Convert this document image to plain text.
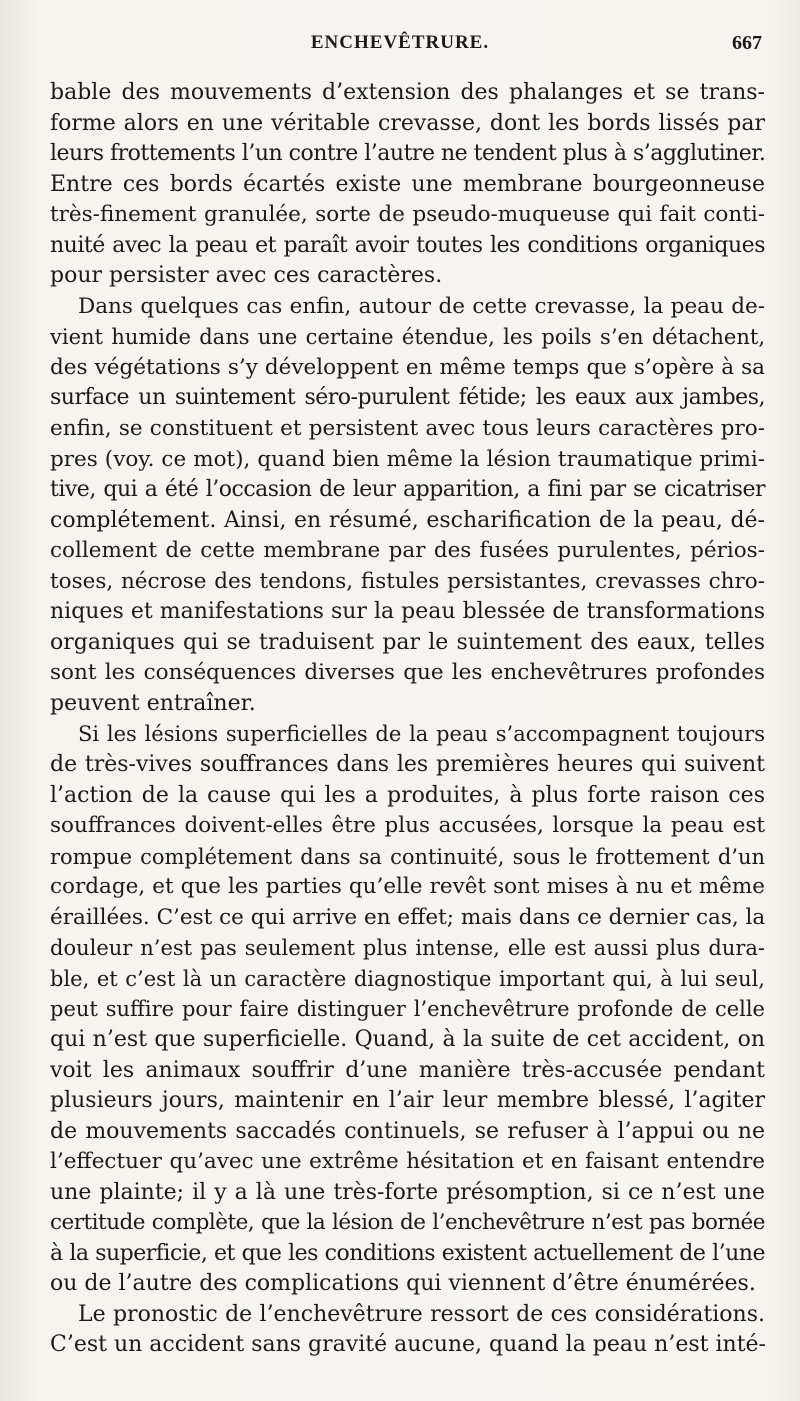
ENCHEVÊTRURE.	667
bable des mouvements d’extension des phalanges et se trans-
forme alors en une véritable crevasse, dont les bords lissés par
leurs frottements l’un contre l’autre ne tendent plus à s’agglutiner.
Entre ces bords écartés existe une membrane bourgeonneuse
très-finement granulée, sorte de pseudo-muqueuse qui fait conti-
nuité avec la peau et paraît avoir toutes les conditions organiques
pour persister avec ces caractères.
Dans quelques cas enfin, autour de cette crevasse, la peau de-
vient humide dans une certaine étendue, les poils s’en détachent,
des végétations s’y développent en même temps que s’opère à sa
surface un suintement séro-purulent fétide; les eaux aux jambes,
enfin, se constituent et persistent avec tous leurs caractères pro-
pres (voy. ce mot), quand bien même la lésion traumatique primi-
tive, qui a été l’occasion de leur apparition, a fini par se cicatriser
complétement. Ainsi, en résumé, escharification de la peau, dé-
collement de cette membrane par des fusées purulentes, périos-
toses, nécrose des tendons, fistules persistantes, crevasses chro-
niques et manifestations sur la peau blessée de transformations
organiques qui se traduisent par le suintement des eaux, telles
sont les conséquences diverses que les enchevêtrures profondes
peuvent entraîner.
Si les lésions superficielles de la peau s’accompagnent toujours
de très-vives souffrances dans les premières heures qui suivent
l’action de la cause qui les a produites, à plus forte raison ces
souffrances doivent-elles être plus accusées, lorsque la peau est
rompue complétement dans sa continuité, sous le frottement d’un
cordage, et que les parties qu’elle revêt sont mises à nu et même
éraillées. C’est ce qui arrive en effet; mais dans ce dernier cas, la
douleur n’est pas seulement plus intense, elle est aussi plus dura-
ble, et c’est là un caractère diagnostique important qui, à lui seul,
peut suffire pour faire distinguer l’enchevêtrure profonde de celle
qui n’est que superficielle. Quand, à la suite de cet accident, on
voit les animaux souffrir d’une manière très-accusée pendant
plusieurs jours, maintenir en l’air leur membre blessé, l’agiter
de mouvements saccadés continuels, se refuser à l’appui ou ne
l’effectuer qu’avec une extrême hésitation et en faisant entendre
une plainte; il y a là une très-forte présomption, si ce n’est une
certitude complète, que la lésion de l’enchevêtrure n’est pas bornée
à la superficie, et que les conditions existent actuellement de l’une
ou de l’autre des complications qui viennent d’être énumérées.
Le pronostic de l’enchevêtrure ressort de ces considérations.
C’est un accident sans gravité aucune, quand la peau n’est inté-
